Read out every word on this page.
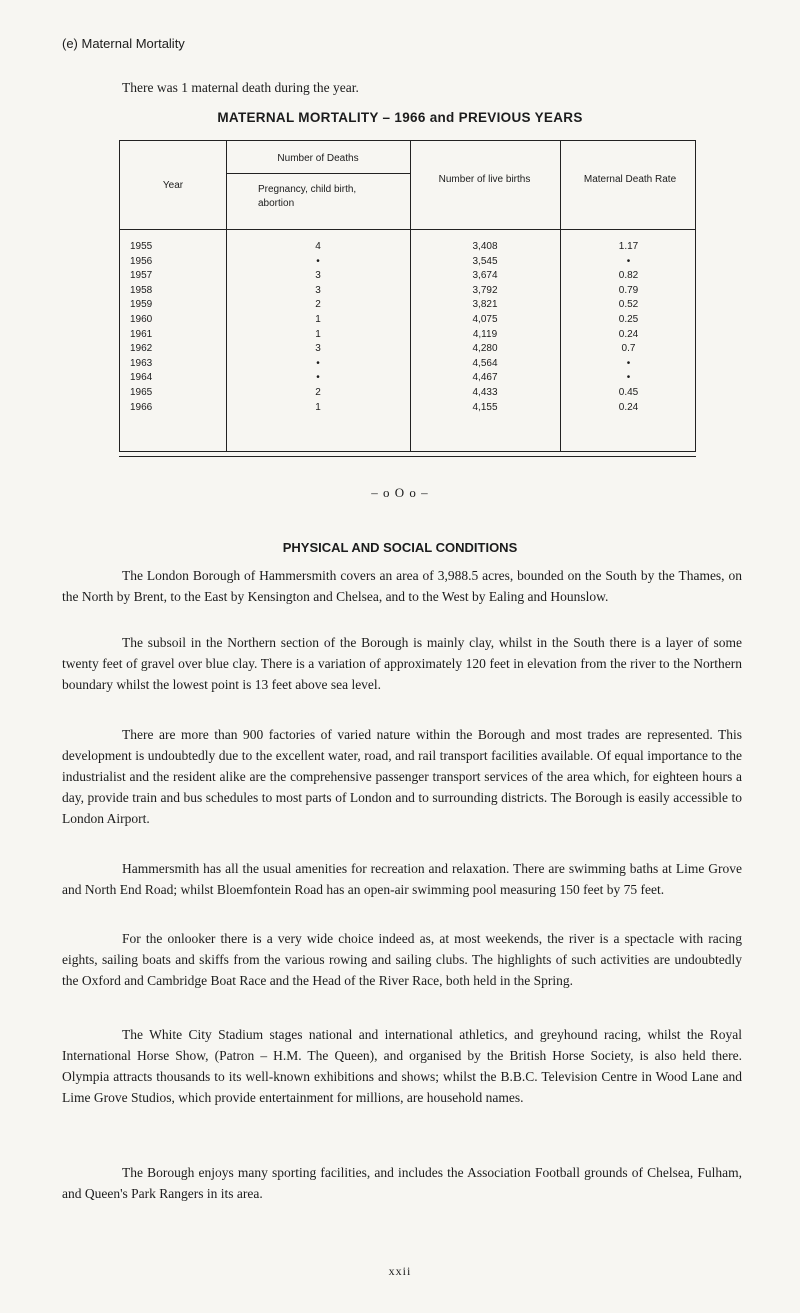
(e) Maternal Mortality
There was 1 maternal death during the year.
MATERNAL MORTALITY – 1966 and PREVIOUS YEARS
Year
Number of Deaths
Pregnancy, child birth, abortion
Number of live births	Maternal Death Rate
1955	4	3,408	1.17
1956	•	3,545	•
1957	3	3,674	0.82
1958	3	3,792	0.79
1959	2	3,821	0.52
1960	1	4,075	0.25
1961	1	4,119	0.24
1962	3	4,280	0.7
1963	•	4,564	•
1964	•	4,467	•
1965	2	4,433	0.45
1966	1	4,155	0.24
– o O o –
PHYSICAL AND SOCIAL CONDITIONS

The London Borough of Hammersmith covers an area of 3,988.5 acres, bounded on the South by the Thames, on the North by Brent, to the East by Kensington and Chelsea, and to the West by Ealing and Hounslow.

The subsoil in the Northern section of the Borough is mainly clay, whilst in the South there is a layer of some twenty feet of gravel over blue clay. There is a variation of approximately 120 feet in elevation from the river to the Northern boundary whilst the lowest point is 13 feet above sea level.

There are more than 900 factories of varied nature within the Borough and most trades are represented. This development is undoubtedly due to the excellent water, road, and rail transport facilities available. Of equal importance to the industrialist and the resident alike are the comprehensive passenger transport services of the area which, for eighteen hours a day, provide train and bus schedules to most parts of London and to surrounding districts. The Borough is easily accessible to London Airport.

Hammersmith has all the usual amenities for recreation and relaxation. There are swimming baths at Lime Grove and North End Road; whilst Bloemfontein Road has an open-air swimming pool measuring 150 feet by 75 feet.

For the onlooker there is a very wide choice indeed as, at most weekends, the river is a spectacle with racing eights, sailing boats and skiffs from the various rowing and sailing clubs. The highlights of such activities are undoubtedly the Oxford and Cambridge Boat Race and the Head of the River Race, both held in the Spring.

The White City Stadium stages national and international athletics, and greyhound racing, whilst the Royal International Horse Show, (Patron – H.M. The Queen), and organised by the British Horse Society, is also held there. Olympia attracts thousands to its well-known exhibitions and shows; whilst the B.B.C. Television Centre in Wood Lane and Lime Grove Studios, which provide entertainment for millions, are household names.

The Borough enjoys many sporting facilities, and includes the Association Football grounds of Chelsea, Fulham, and Queen's Park Rangers in its area.

xxii
